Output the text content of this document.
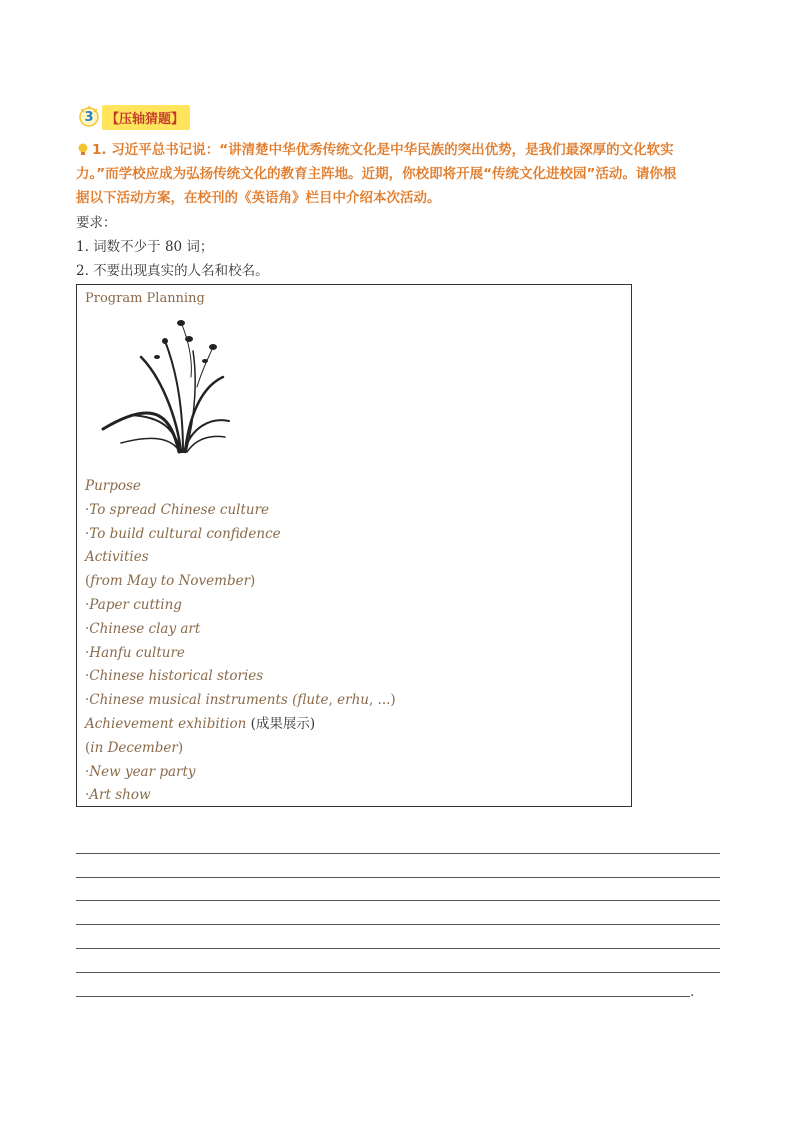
3 【压轴猜题】
1. 习近平总书记说：“讲清楚中华优秀传统文化是中华民族的突出优势，是我们最深厚的文化软实
力。”而学校应成为弘扬传统文化的教育主阵地。近期，你校即将开展“传统文化进校园”活动。请你根
据以下活动方案，在校刊的《英语角》栏目中介绍本次活动。
要求：
1. 词数不少于 80 词；
2. 不要出现真实的人名和校名。
Program Planning
Purpose
·To spread Chinese culture
·To build cultural confidence
Activities
(from May to November)
·Paper cutting
·Chinese clay art
·Hanfu culture
·Chinese historical stories
·Chinese musical instruments (flute, erhu, ...)
Achievement exhibition (成果展示)
(in December)
·New year party
·Art show
.
